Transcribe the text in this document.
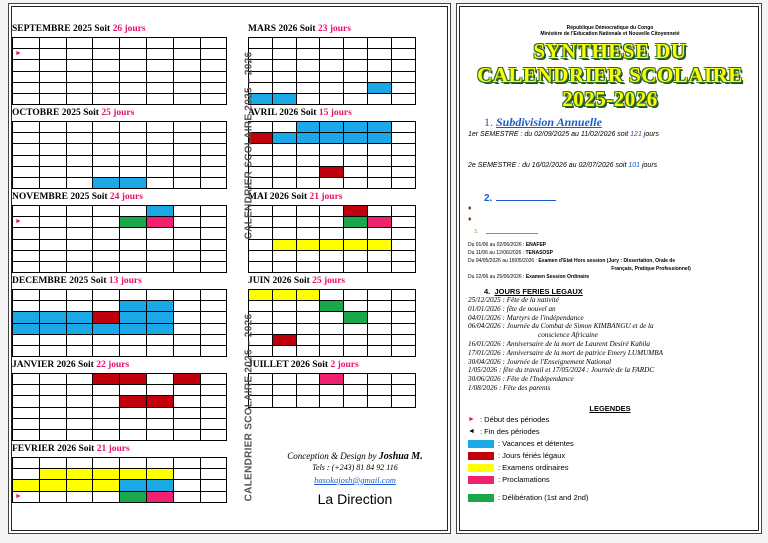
SEPTEMBRE 2025 Soit 26 jours
►
OCTOBRE 2025 Soit 25 jours
NOVEMBRE 2025 Soit 24 jours
►
DECEMBRE 2025 Soit 13 jours
JANVIER 2026 Soit 22 jours
FEVRIER 2026 Soit 21 jours
►
MARS 2026 Soit 23 jours
AVRIL 2026 Soit 15 jours
MAI 2026 Soit 21 jours
JUIN 2026 Soit 25 jours
JUILLET 2026 Soit 2 jours
CALENDRIER SCOLAIRE 2025 – 2026
CALENDRIER SCOLAIRE 2025 – 2026	Conception & Design by Joshua M.
Tels : (+243) 81 84 92 116
basokajosh@gmail.com
La Direction
République Démocratique du Congo
Ministère de l'Education Nationale et Nouvelle Citoyenneté
SYNTHESE DU
CALENDRIER SCOLAIRE
2025-2026
1. Subdivision Annuelle
1er SEMESTRE : du 02/09/2025 au 11/02/2026 soit 121 jours
2e SEMESTRE : du 16/02/2026 au 02/07/2026 soit 101 jours
2.
♦
♦
3.
Du 01/06 au 02/06/2026 : ENAFEP
Du 11/06 au 12/06/2026 : TENASOSP
Du 04/05/2026 au 18/05/2026 : Examen d'Etat Hors session (Jury : Dissertation, Orale de
Français, Pratique Professionnel)
Du 22/06 au 25/06/2026 : Examen Session Ordinaire
4. JOURS FERIES LEGAUX
25/12/2025 : Fête de la nativité
01/01/2026 : fête de nouvel an
04/01/2026 : Martyrs de l'indépendance
06/04/2026 : Journée du Combat de Simon KIMBANGU et de la
conscience Africaine
16/01/2026 : Anniversaire de la mort de Laurent Desiré Kabila
17/01/2026 : Anniversaire de la mort de patrice Emery LUMUMBA
30/04/2026 : Journée de l'Enseignement National
1/05/2026 : fête du travail et 17/05/2024 : Journée de la FARDC
30/06/2026 : Fête de l'Indépendance
1/08/2026 : Fête des parents
LEGENDES
► : Début des périodes
◄ : Fin des périodes
: Vacances et détentes
: Jours fériés légaux
: Examens ordinaires
: Proclamations
: Délibération (1st and 2nd)
